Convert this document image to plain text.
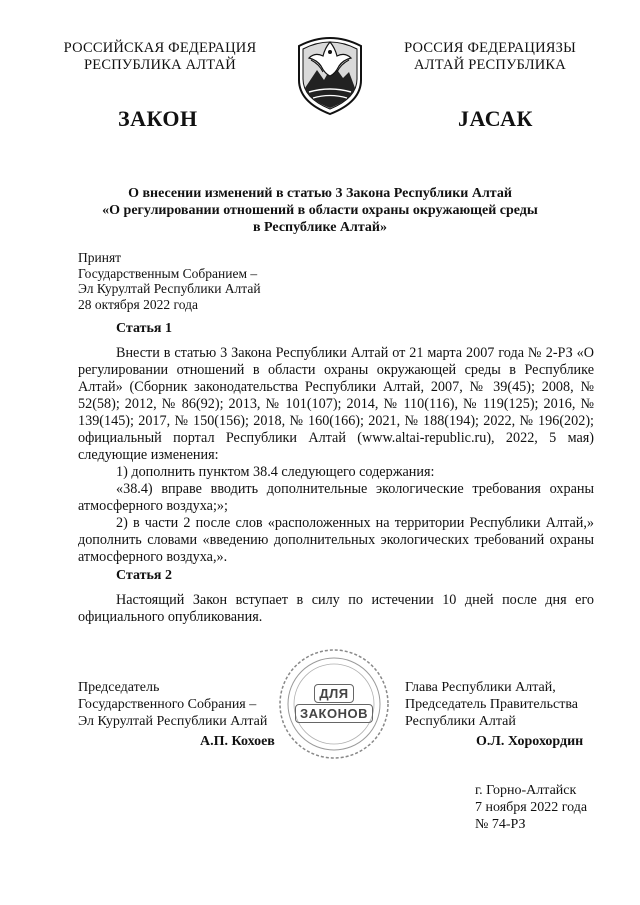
РОССИЙСКАЯ ФЕДЕРАЦИЯ
РЕСПУБЛИКА АЛТАЙ
РОССИЯ ФЕДЕРАЦИЯЗЫ
АЛТАЙ РЕСПУБЛИКА
ЗАКОН	ЈАСАК
О внесении изменений в статью 3 Закона Республики Алтай
«О регулировании отношений в области охраны окружающей среды
в Республике Алтай»
Принят
Государственным Собранием –
Эл Курултай Республики Алтай
28 октября 2022 года
Статья 1

Внести в статью 3 Закона Республики Алтай от 21 марта 2007 года № 2-РЗ «О регулировании отношений в области охраны окружающей среды в Республике Алтай» (Сборник законодательства Республики Алтай, 2007, № 39(45); 2008, № 52(58); 2012, № 86(92); 2013, № 101(107); 2014, № 110(116), № 119(125); 2016, № 139(145); 2017, № 150(156); 2018, № 160(166); 2021, № 188(194); 2022, № 196(202); официальный портал Республики Алтай (www.altai-republic.ru), 2022, 5 мая) следующие изменения:

1) дополнить пунктом 38.4 следующего содержания:

«38.4) вправе вводить дополнительные экологические требования охраны атмосферного воздуха;»;

2) в части 2 после слов «расположенных на территории Республики Алтай,» дополнить словами «введению дополнительных экологических требований охраны атмосферного воздуха,».

Статья 2

Настоящий Закон вступает в силу по истечении 10 дней после дня его официального опубликования.

ДЛЯ
ЗАКОНОВ
Председатель
Государственного Собрания –
Эл Курултай Республики Алтай
А.П. Кохоев
Глава Республики Алтай,
Председатель Правительства
Республики Алтай
О.Л. Хорохордин
г. Горно-Алтайск
7 ноября 2022 года
№ 74-РЗ
